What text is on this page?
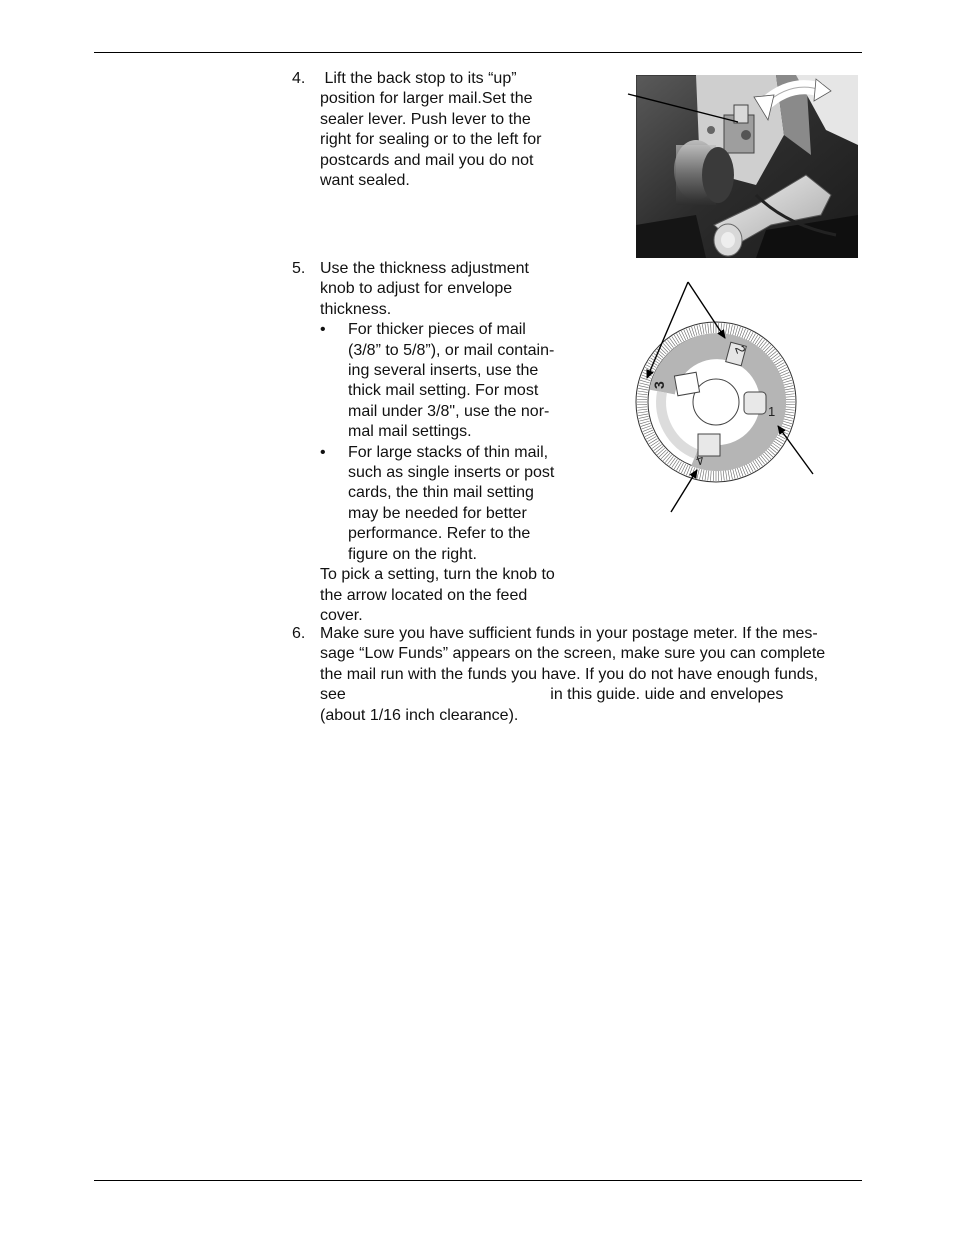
4. Lift the back stop to its “up”
position for larger mail.Set the
sealer lever. Push lever to the
right for sealing or to the left for
postcards and mail you do not
want sealed.
5. Use the thickness adjustment
knob to adjust for envelope
thickness.
• For thicker pieces of mail
(3/8” to 5/8”), or mail contain-
ing several inserts, use the
thick mail setting. For most
mail under 3/8", use the nor-
mal mail settings.
• For large stacks of thin mail,
such as single inserts or post
cards, the thin mail setting
may be needed for better
performance. Refer to the
figure on the right.
To pick a setting, turn the knob to
the arrow located on the feed
cover.
6. Make sure you have sufficient funds in your postage meter. If the mes-
sage “Low Funds” appears on the screen, make sure you can complete
the mail run with the funds you have. If you do not have enough funds,
see                                              in this guide. uide and envelopes
(about 1/16 inch clearance).
1
2
3
4
